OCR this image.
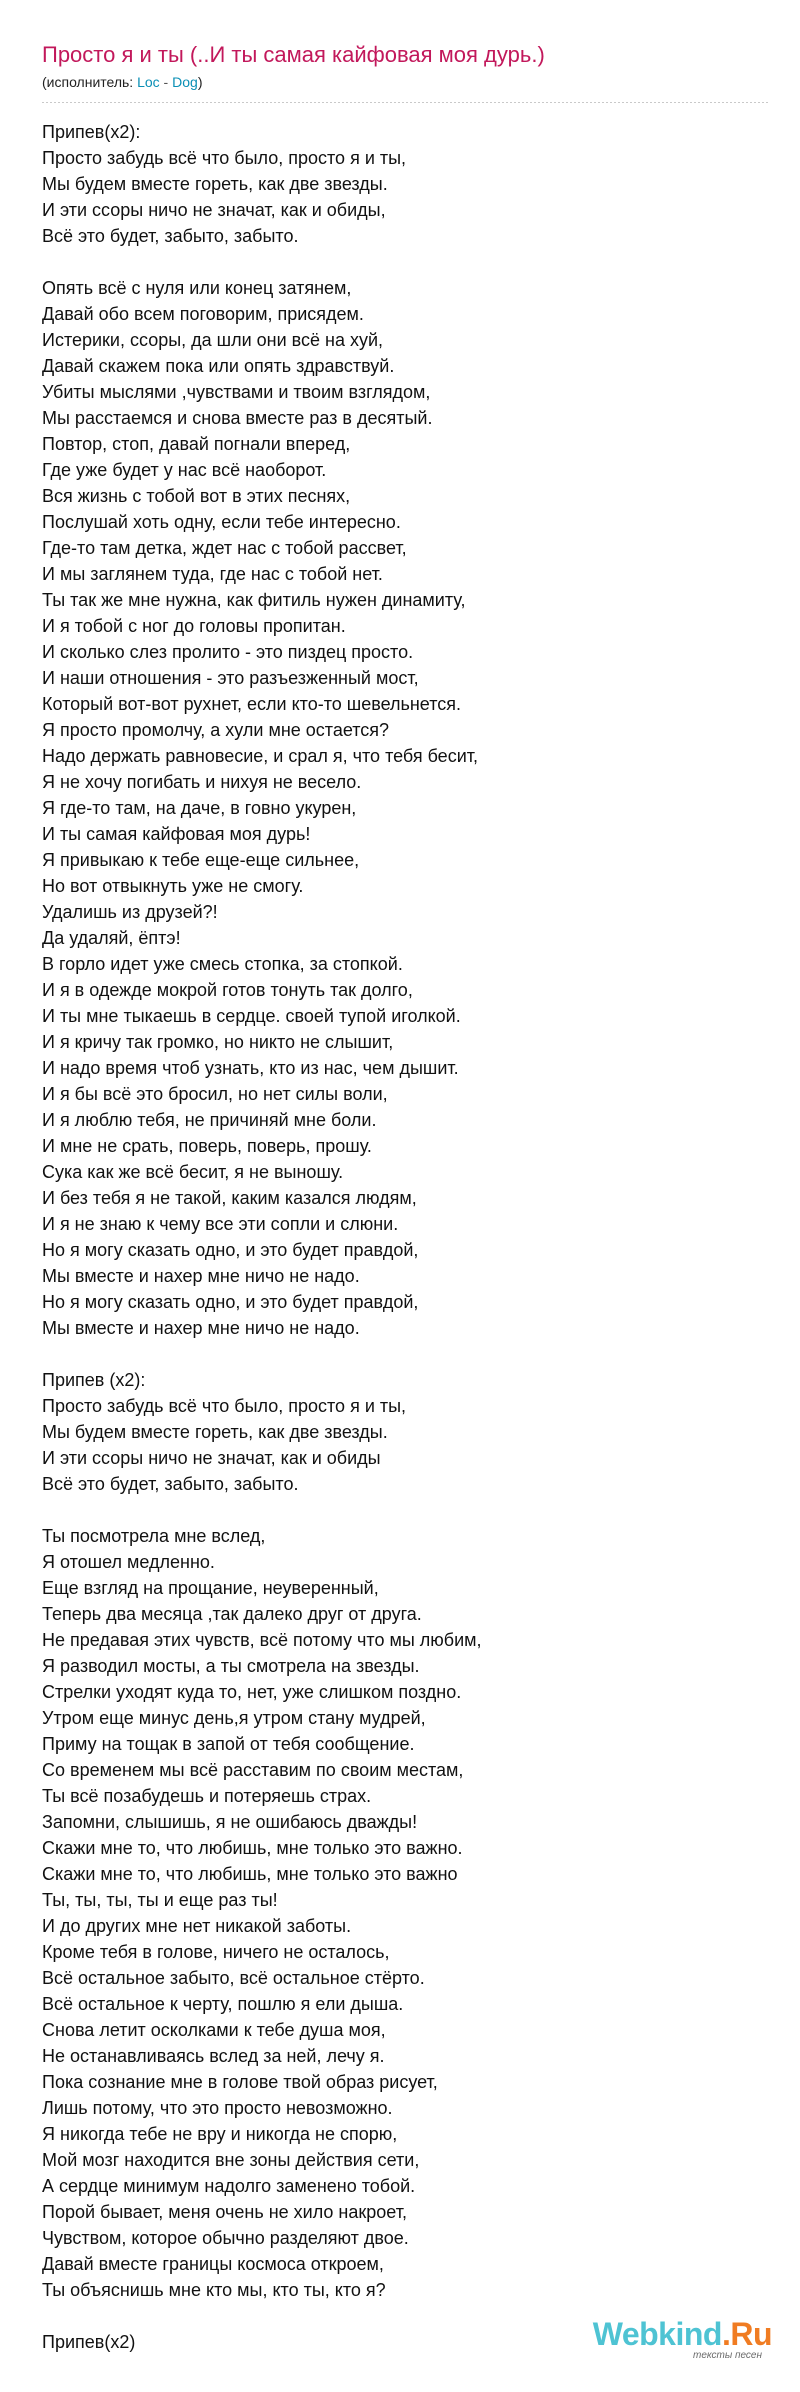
Просто я и ты (..И ты самая кайфовая моя дурь.)
(исполнитель: Loc - Dog)
Припев(x2):
Просто забудь всё что было, просто я и ты,
Мы будем вместе гореть, как две звезды.
И эти ссоры ничо не значат, как и обиды,
Всё это будет, забыто, забыто.
Опять всё с нуля или конец затянем,
Давай обо всем поговорим, присядем.
Истерики, ссоры, да шли они всё на хуй,
Давай скажем пока или опять здравствуй.
Убиты мыслями ,чувствами и твоим взглядом,
Мы расстаемся и снова вместе раз в десятый.
Повтор, стоп, давай погнали вперед,
Где уже будет у нас всё наоборот.
Вся жизнь с тобой вот в этих песнях,
Послушай хоть одну, если тебе интересно.
Где-то там детка, ждет нас с тобой рассвет,
И мы заглянем туда, где нас с тобой нет.
Ты так же мне нужна, как фитиль нужен динамиту,
И я тобой с ног до головы пропитан.
И сколько слез пролито - это пиздец просто.
И наши отношения - это разъезженный мост,
Который вот-вот рухнет, если кто-то шевельнется.
Я просто промолчу, а хули мне остается?
Надо держать равновесие, и срал я, что тебя бесит,
Я не хочу погибать и нихуя не весело.
Я где-то там, на даче, в говно укурен,
И ты самая кайфовая моя дурь!
Я привыкаю к тебе еще-еще сильнее,
Но вот отвыкнуть уже не смогу.
Удалишь из друзей?!
Да удаляй, ёптэ!
В горло идет уже смесь стопка, за стопкой.
И я в одежде мокрой готов тонуть так долго,
И ты мне тыкаешь в сердце. своей тупой иголкой.
И я кричу так громко, но никто не слышит,
И надо время чтоб узнать, кто из нас, чем дышит.
И я бы всё это бросил, но нет силы воли,
И я люблю тебя, не причиняй мне боли.
И мне не срать, поверь, поверь, прошу.
Сука как же всё бесит, я не выношу.
И без тебя я не такой, каким казался людям,
И я не знаю к чему все эти сопли и слюни.
Но я могу сказать одно, и это будет правдой,
Мы вместе и нахер мне ничо не надо.
Но я могу сказать одно, и это будет правдой,
Мы вместе и нахер мне ничо не надо.
Припев (x2):
Просто забудь всё что было, просто я и ты,
Мы будем вместе гореть, как две звезды.
И эти ссоры ничо не значат, как и обиды
Всё это будет, забыто, забыто.
Ты посмотрела мне вслед,
Я отошел медленно.
Еще взгляд на прощание, неуверенный,
Теперь два месяца ,так далеко друг от друга.
Не предавая этих чувств, всё потому что мы любим,
Я разводил мосты, а ты смотрела на звезды.
Стрелки уходят куда то, нет, уже слишком поздно.
Утром еще минус день,я утром стану мудрей,
Приму на тощак в запой от тебя сообщение.
Со временем мы всё расставим по своим местам,
Ты всё позабудешь и потеряешь страх.
Запомни, слышишь, я не ошибаюсь дважды!
Скажи мне то, что любишь, мне только это важно.
Скажи мне то, что любишь, мне только это важно
Ты, ты, ты, ты и еще раз ты!
И до других мне нет никакой заботы.
Кроме тебя в голове, ничего не осталось,
Всё остальное забыто, всё остальное стёрто.
Всё остальное к черту, пошлю я ели дыша.
Снова летит осколками к тебе душа моя,
Не останавливаясь вслед за ней, лечу я.
Пока сознание мне в голове твой образ рисует,
Лишь потому, что это просто невозможно.
Я никогда тебе не вру и никогда не спорю,
Мой мозг находится вне зоны действия сети,
А сердце минимум надолго заменено тобой.
Порой бывает, меня очень не хило накроет,
Чувством, которое обычно разделяют двое.
Давай вместе границы космоса откроем,
Ты объяснишь мне кто мы, кто ты, кто я?
Припев(x2)	Webkind.Ru
тексты песен
